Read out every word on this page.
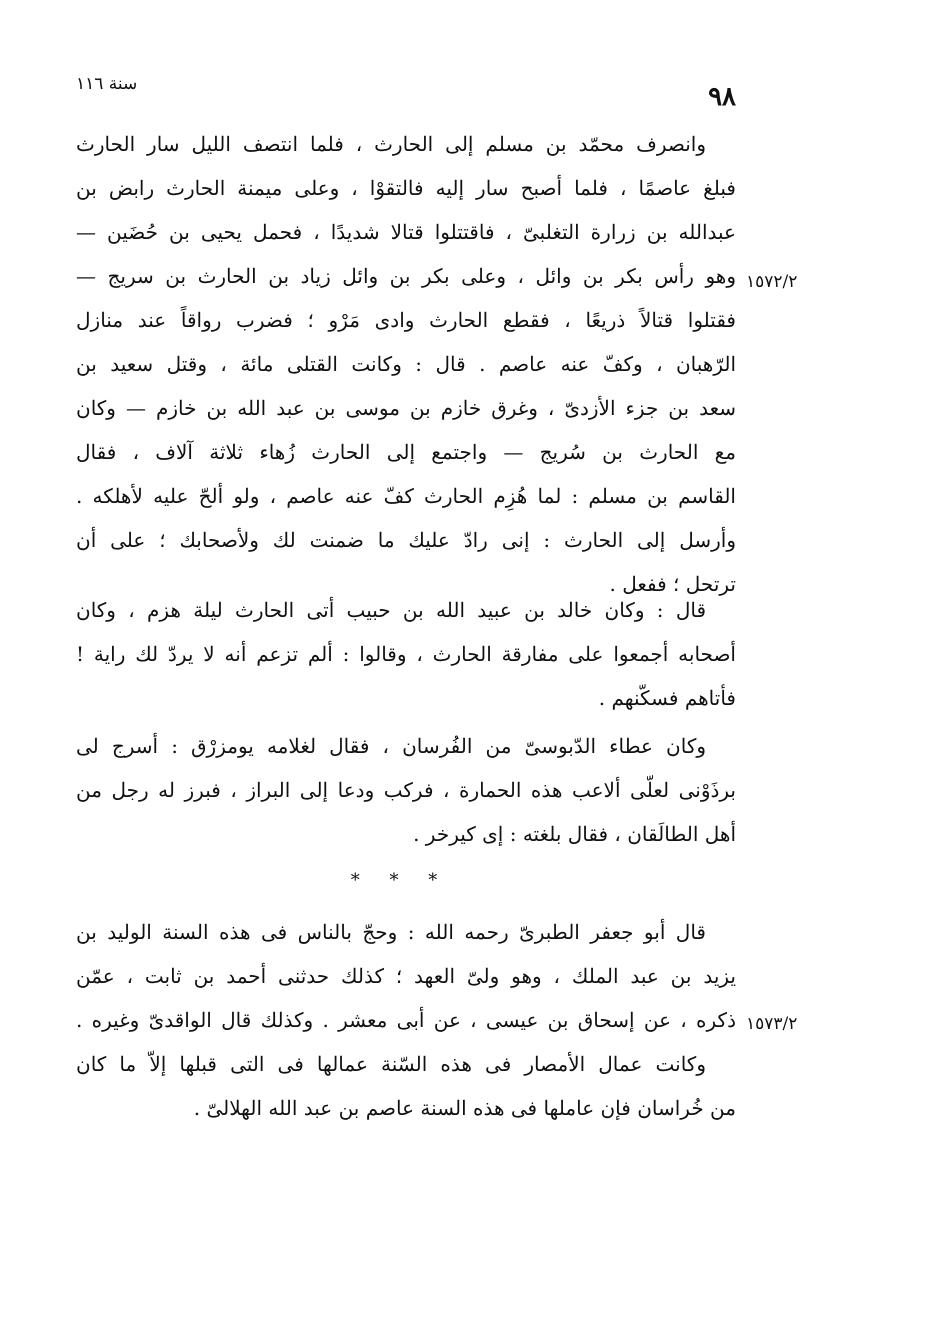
سنة ١١٦	٩٨
١٥٧٢/٢
١٥٧٣/٢
وانصرف محمّد بن مسلم إلى الحارث ، فلما انتصف الليل سار الحارث
فبلغ عاصمًا ، فلما أصبح سار إليه فالتقوْا ، وعلى ميمنة الحارث رابض بن
عبدالله بن زرارة التغلبىّ ، فاقتتلوا قتالا شديدًا ، فحمل يحيى بن حُضَين —
وهو رأس بكر بن وائل ، وعلى بكر بن وائل زياد بن الحارث بن سريج —
فقتلوا قتالاً ذريعًا ، فقطع الحارث وادى مَرْو ؛ فضرب رواقاً عند منازل
الرّهبان ، وكفّ عنه عاصم . قال : وكانت القتلى مائة ، وقتل سعيد بن
سعد بن جزء الأزدىّ ، وغرق خازم بن موسى بن عبد الله بن خازم — وكان
مع الحارث بن سُريج — واجتمع إلى الحارث زُهاء ثلاثة آلاف ، فقال
القاسم بن مسلم : لما هُزِم الحارث كفّ عنه عاصم ، ولو ألحّ عليه لأهلكه .
وأرسل إلى الحارث : إنى رادّ عليك ما ضمنت لك ولأصحابك ؛ على أن
ترتحل ؛ ففعل .
قال : وكان خالد بن عبيد الله بن حبيب أتى الحارث ليلة هزم ، وكان
أصحابه أجمعوا على مفارقة الحارث ، وقالوا : ألم تزعم أنه لا يردّ لك راية !
فأتاهم فسكّنهم .
وكان عطاء الدّبوسىّ من الفُرسان ، فقال لغلامه يومزرْق : أسرج لى
برذَوْنى لعلّى ألاعب هذه الحمارة ، فركب ودعا إلى البراز ، فبرز له رجل من
أهل الطالَقان ، فقال بلغته : إى كيرخر .
* * *
قال أبو جعفر الطبرىّ رحمه الله : وحجّ بالناس فى هذه السنة الوليد بن
يزيد بن عبد الملك ، وهو ولىّ العهد ؛ كذلك حدثنى أحمد بن ثابت ، عمّن
ذكره ، عن إسحاق بن عيسى ، عن أبى معشر . وكذلك قال الواقدىّ وغيره .
وكانت عمال الأمصار فى هذه السّنة عمالها فى التى قبلها إلاّ ما كان
من خُراسان فإن عاملها فى هذه السنة عاصم بن عبد الله الهلالىّ .
